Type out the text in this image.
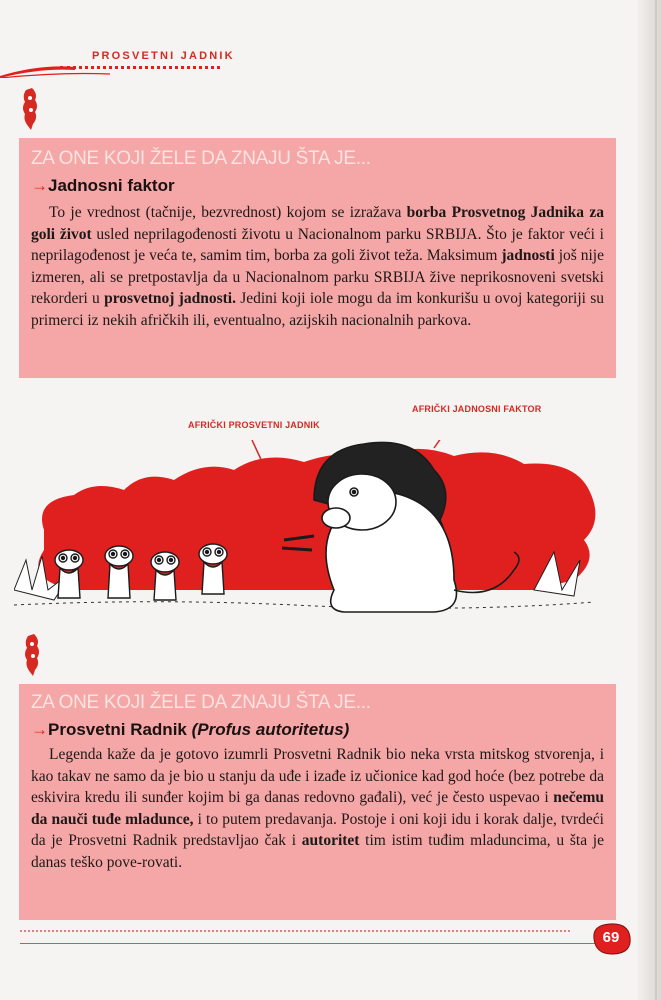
PROSVETNI JADNIK
ZA ONE KOJI ŽELE DA ZNAJU ŠTA JE...
→Jadnosni faktor
To je vrednost (tačnije, bezvrednost) kojom se izražava borba Prosvetnog Jadnika za goli život usled neprilagođenosti životu u Nacionalnom parku SRBIJA. Što je faktor veći i neprilagođenost je veća te, samim tim, borba za goli život teža. Maksimum jadnosti još nije izmeren, ali se pretpostavlja da u Nacionalnom parku SRBIJA žive neprikosnoveni svetski rekorderi u prosvetnoj jadnosti. Jedini koji iole mogu da im konkurišu u ovoj kategoriji su primerci iz nekih afričkih ili, eventualno, azijskih nacionalnih parkova.
AFRIČKI PROSVETNI JADNIK
AFRIČKI JADNOSNI FAKTOR
ZA ONE KOJI ŽELE DA ZNAJU ŠTA JE...
→Prosvetni Radnik (Profus autoritetus)
Legenda kaže da je gotovo izumrli Prosvetni Radnik bio neka vrsta mitskog stvorenja, i kao takav ne samo da je bio u stanju da uđe i izađe iz učionice kad god hoće (bez potrebe da eskivira kredu ili sunđer kojim bi ga danas redovno gađali), već je često uspevao i nečemu da nauči tuđe mladunce, i to putem predavanja. Postoje i oni koji idu i korak dalje, tvrdeći da je Prosvetni Radnik predstavljao čak i autoritet tim istim tuđim mladuncima, u šta je danas teško pove-rovati.
69
